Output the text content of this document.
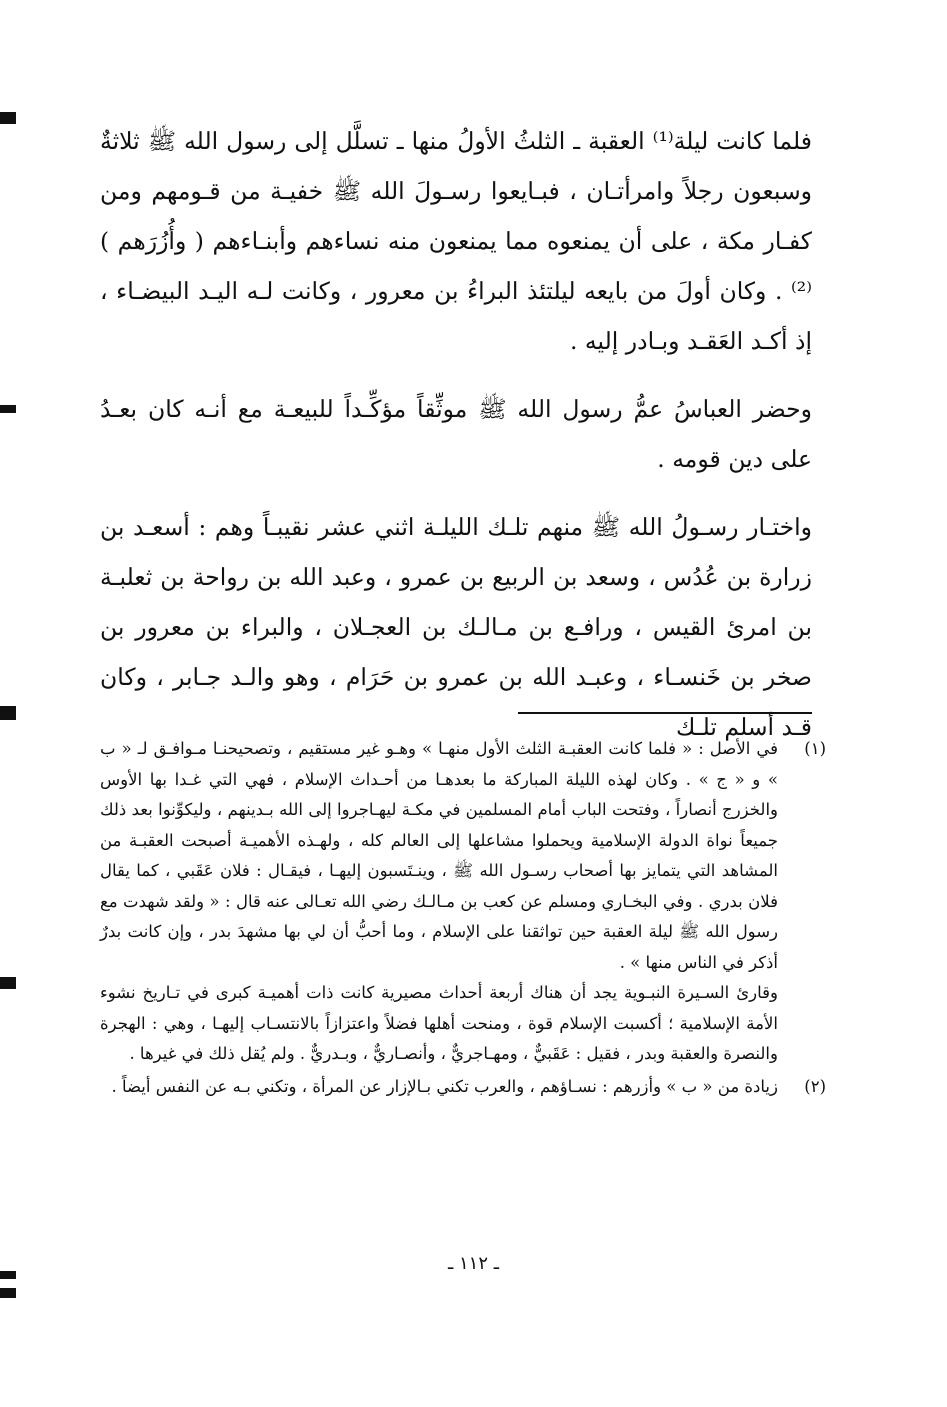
فلما كانت ليلة⁽¹⁾ العقبة ـ الثلثُ الأولُ منها ـ تسلَّل إلى رسول الله ﷺ ثلاثةٌ وسبعون رجلاً وامرأتـان ، فبـايعوا رسـولَ الله ﷺ خفيـة من قـومهم ومن كفـار مكة ، على أن يمنعوه مما يمنعون منه نساءهم وأبنـاءهم ( وأُزُرَهم )⁽²⁾ . وكان أولَ من بايعه ليلتئذ البراءُ بن معرور ، وكانت لـه اليـد البيضـاء ، إذ أكـد العَقـد وبـادر إليه .

وحضر العباسُ عمُّ رسول الله ﷺ موثِّقاً مؤكِّـداً للبيعـة مع أنـه كان بعـدُ على دين قومه .

واختـار رسـولُ الله ﷺ منهم تلـك الليلـة اثني عشر نقيبـاً وهم : أسعـد بن زرارة بن عُدُس ، وسعد بن الربيع بن عمرو ، وعبد الله بن رواحة بن ثعلبـة بن امرئ القيس ، ورافـع بن مـالـك بن العجـلان ، والبراء بن معرور بن صخر بن خَنسـاء ، وعبـد الله بن عمرو بن حَرَام ، وهو والـد جـابر ، وكان قـد أسلم تلـك

(١)

في الأصل : « فلما كانت العقبـة الثلث الأول منهـا » وهـو غير مستقيم ، وتصحيحنـا مـوافـق لـ « ب » و « ج » . وكان لهذه الليلة المباركة ما بعدهـا من أحـداث الإسلام ، فهي التي غـدا بها الأوس والخزرج أنصاراً ، وفتحت الباب أمام المسلمين في مكـة ليهـاجروا إلى الله بـدينهم ، وليكوِّنوا بعد ذلك جميعاً نواة الدولة الإسلامية ويحملوا مشاعلها إلى العالم كله ، ولهـذه الأهميـة أصبحت العقبـة من المشاهد التي يتمايز بها أصحاب رسـول الله ﷺ ، وينـتَسبون إليهـا ، فيقـال : فلان عَقَبي ، كما يقال فلان بدري . وفي البخـاري ومسلم عن كعب بن مـالـك رضي الله تعـالى عنه قال : « ولقد شهدت مع رسول الله ﷺ ليلة العقبة حين تواثقنا على الإسلام ، وما أحبُّ أن لي بها مشهدَ بدر ، وإن كانت بدرٌ أذكر في الناس منها » .

وقارئ السـيرة النبـوية يجد أن هناك أربعة أحداث مصيرية كانت ذات أهميـة كبرى في تـاريخ نشوء الأمة الإسلامية ؛ أكسبت الإسلام قوة ، ومنحت أهلها فضلاً واعتزازاً بالانتسـاب إليهـا ، وهي : الهجرة والنصرة والعقبة وبدر ، فقيل : عَقَبيٌّ ، ومهـاجريٌّ ، وأنصـاريٌّ ، وبـدريٌّ . ولم يُقل ذلك في غيرها .

(٢)

زيادة من « ب » وأزرهم : نسـاؤهم ، والعرب تكني بـالإزار عن المرأة ، وتكني بـه عن النفس أيضاً .

ـ ١١٢ ـ
